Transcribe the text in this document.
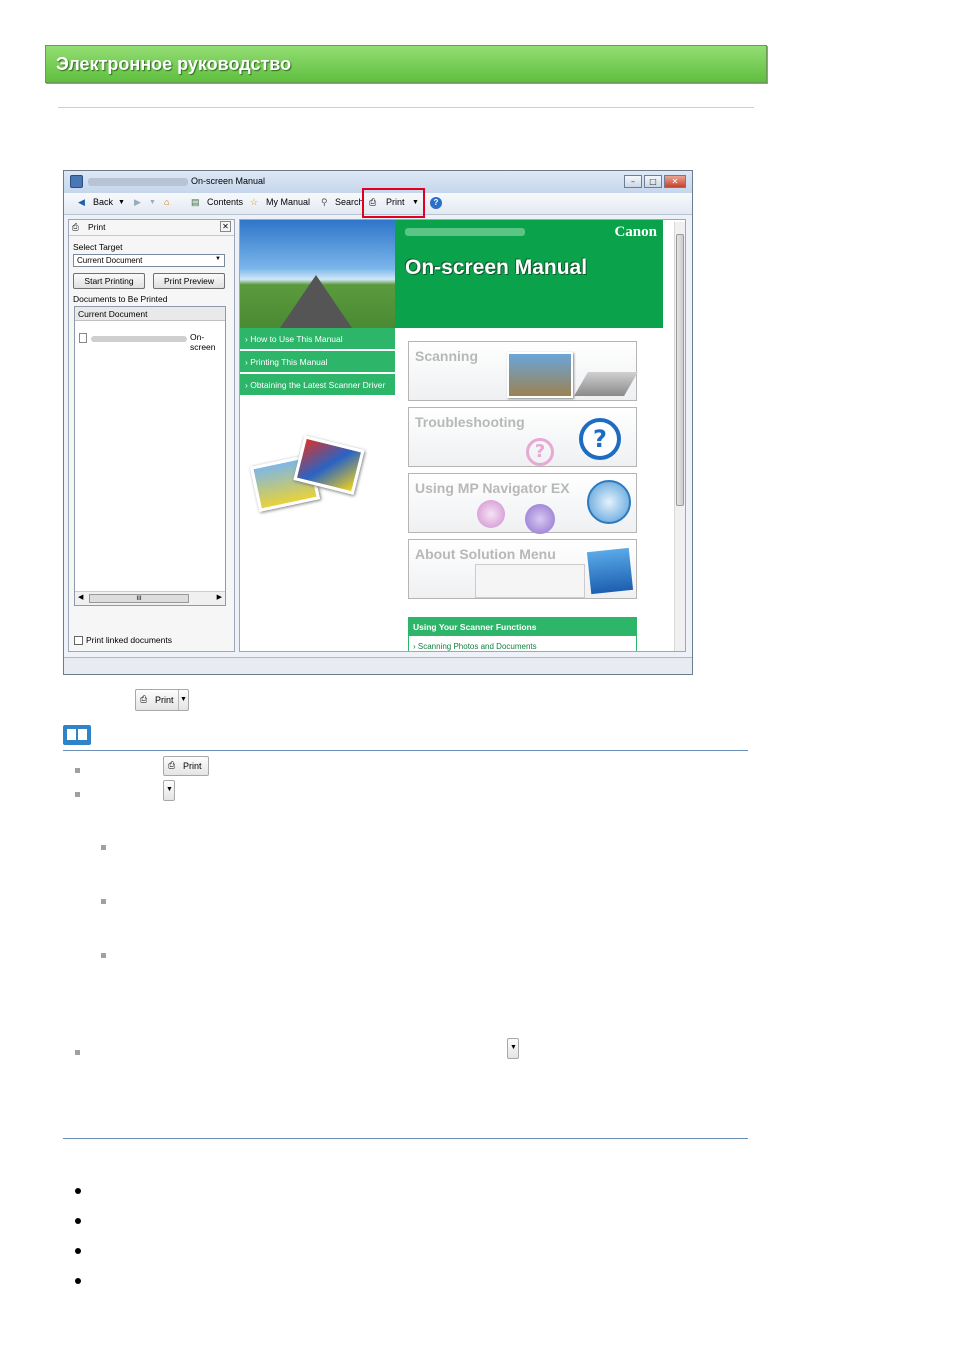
Электронное руководство
On-screen Manual	–	□	✕
◀ Back ▼ ▶ ▼ ⌂ ▤ Contents ☆ My Manual ⚲ Search ⎙ Print ▼	?
⎙ Print	✕
Select Target
Current Document	▼
Start Printing	Print Preview
Documents to Be Printed
Current Document
On-screen
◀	III	▶
Print linked documents
› How to Use This Manual
› Printing This Manual
› Obtaining the Latest Scanner Driver
Canon
On-screen Manual
Scanning
Troubleshooting
?	?
Using MP Navigator EX
About Solution Menu
Using Your Scanner Functions
› Scanning Photos and Documents
⎙ Print ▼
⎙ Print
▼
▼
